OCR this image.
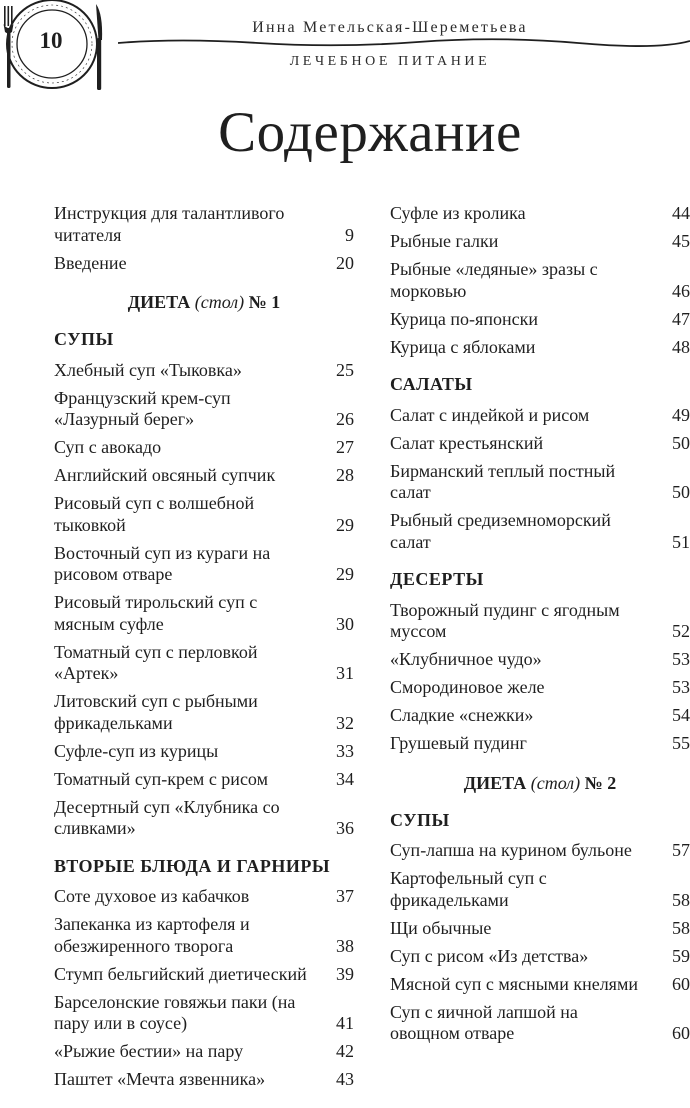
10
Инна Метельская-Шереметьева
ЛЕЧЕБНОЕ ПИТАНИЕ
Содержание
Инструкция для талантливого читателя	9
Введение	20
ДИЕТА (стол) № 1
СУПЫ
Хлебный суп «Тыковка»	25
Французский крем-суп «Лазурный берег»	26
Суп с авокадо	27
Английский овсяный супчик	28
Рисовый суп с волшебной тыковкой	29
Восточный суп из кураги на рисовом отваре	29
Рисовый тирольский суп с мясным суфле	30
Томатный суп с перловкой «Артек»	31
Литовский суп с рыбными фрикадельками	32
Суфле-суп из курицы	33
Томатный суп-крем с рисом	34
Десертный суп «Клубника со сливками»	36
ВТОРЫЕ БЛЮДА И ГАРНИРЫ
Соте духовое из кабачков	37
Запеканка из картофеля и обезжиренного творога	38
Стумп бельгийский диетический	39
Барселонские говяжьи паки (на пару или в соусе)	41
«Рыжие бестии» на пару	42
Паштет «Мечта язвенника»	43
Суфле из кролика	44
Рыбные галки	45
Рыбные «ледяные» зразы с морковью	46
Курица по-японски	47
Курица с яблоками	48
САЛАТЫ
Салат с индейкой и рисом	49
Салат крестьянский	50
Бирманский теплый постный салат	50
Рыбный средиземноморский салат	51
ДЕСЕРТЫ
Творожный пудинг с ягодным муссом	52
«Клубничное чудо»	53
Смородиновое желе	53
Сладкие «снежки»	54
Грушевый пудинг	55
ДИЕТА (стол) № 2
СУПЫ
Суп-лапша на курином бульоне	57
Картофельный суп с фрикадельками	58
Щи обычные	58
Суп с рисом «Из детства»	59
Мясной суп с мясными кнелями	60
Суп с яичной лапшой на овощном отваре	60
